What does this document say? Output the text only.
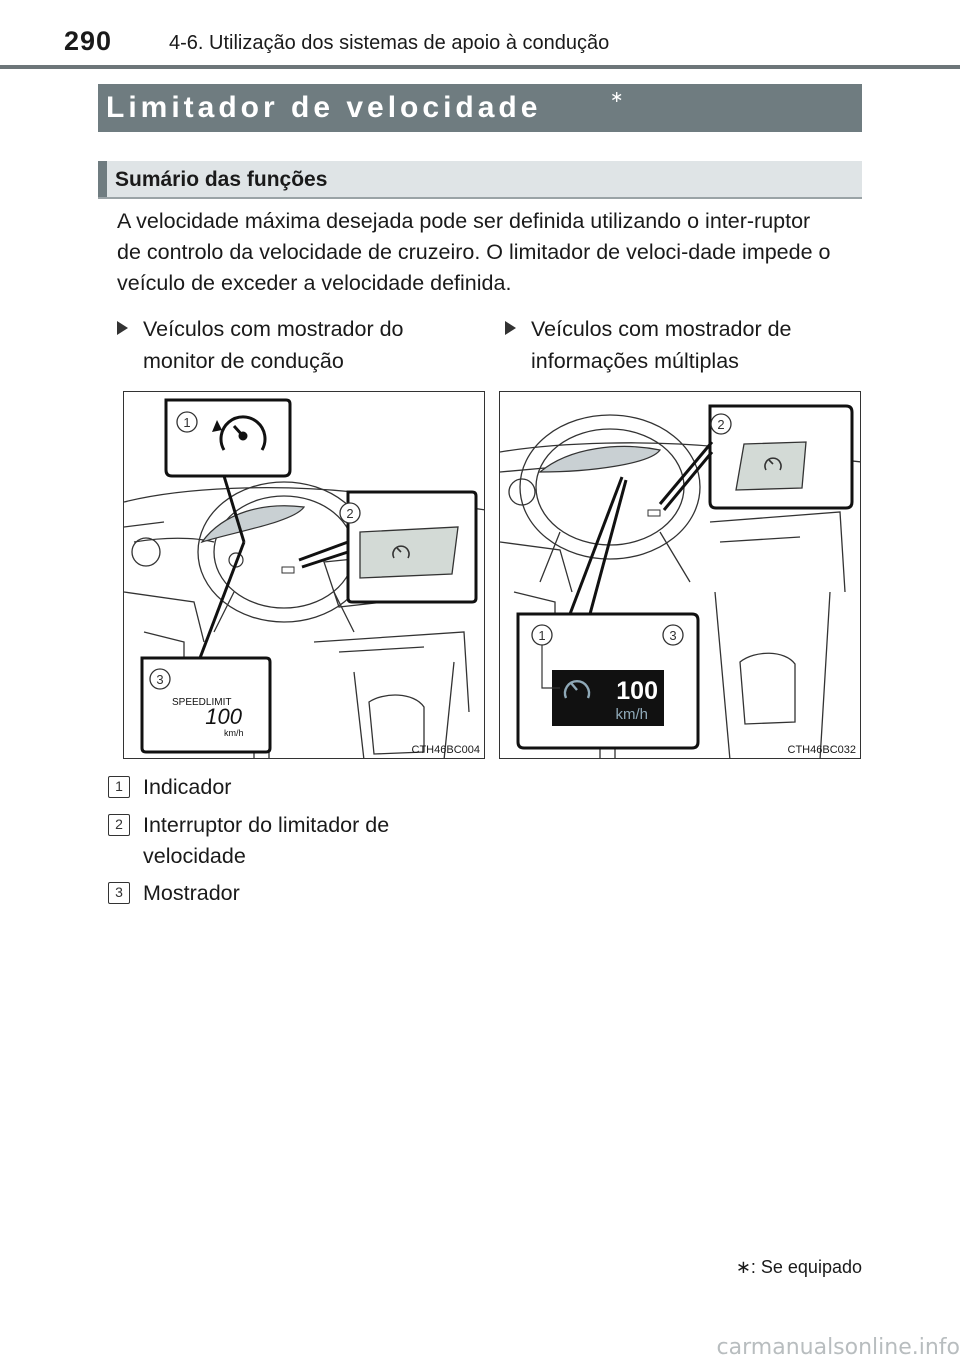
290	4-6. Utilização dos sistemas de apoio à condução
Limitador de velocidade	∗
Sumário das funções

A velocidade máxima desejada pode ser definida utilizando o inter-ruptor de controlo da velocidade de cruzeiro. O limitador de veloci-dade impede o veículo de exceder a velocidade definida.

Veículos com mostrador do monitor de condução
Veículos com mostrador de informações múltiplas
1
2
3
SPEEDLIMIT
100
km/h
CTH46BC004
2
1	3
100
km/h
CTH46BC032
1 Indicador
2 Interruptor do limitador de velocidade
3 Mostrador
∗: Se equipado
carmanualsonline.info
